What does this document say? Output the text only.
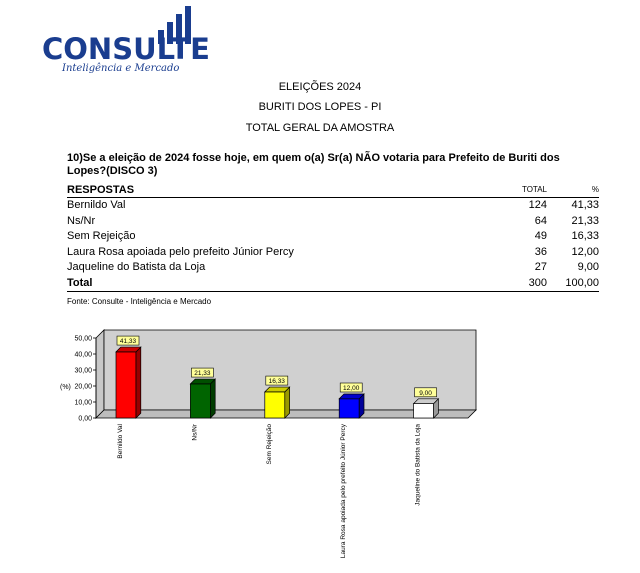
CONSULTE
Inteligência e Mercado
ELEIÇÕES 2024
BURITI DOS LOPES - PI
TOTAL GERAL DA AMOSTRA
10)Se a eleição de 2024 fosse hoje, em quem o(a) Sr(a) NÃO votaria para Prefeito de Buriti dos Lopes?(DISCO 3)
RESPOSTAS	TOTAL	%
Bernildo Val	124 41,33
Ns/Nr	64 21,33
Sem Rejeição	49 16,33
Laura Rosa apoiada pelo prefeito Júnior Percy	36 12,00
Jaqueline do Batista da Loja	27	9,00
Total	300 100,00
Fonte: Consulte - Inteligência e Mercado
0,00
10,00
20,00
30,00
40,00
50,00
(%)
41,33
Bernildo Val
21,33
Ns/Nr
16,33
Sem Rejeição
12,00
Laura Rosa apoiada pelo prefeito Júnior Percy
9,00
Jaqueline do Batista da Loja
